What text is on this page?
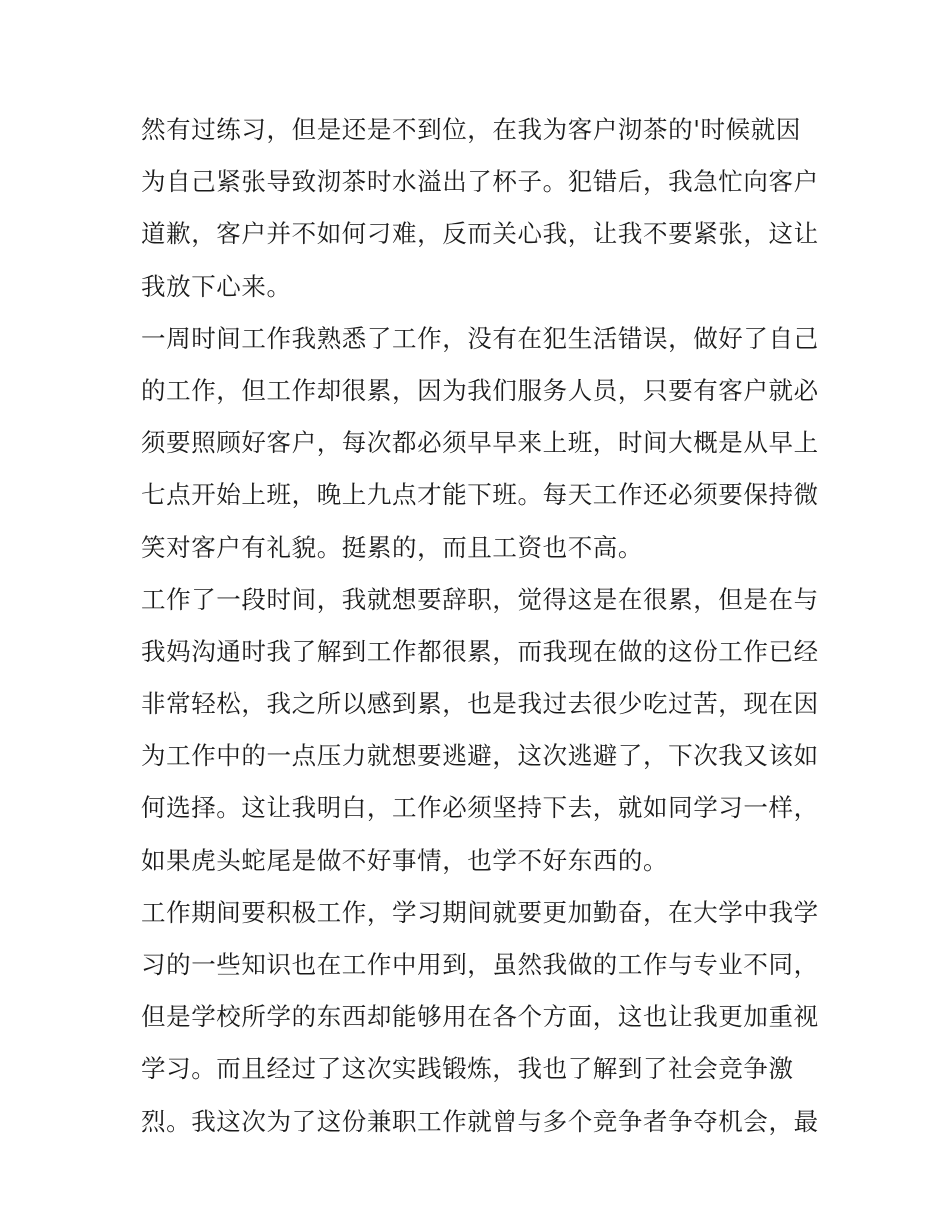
然有过练习，但是还是不到位，在我为客户沏茶的'时候就因
为自己紧张导致沏茶时水溢出了杯子。犯错后，我急忙向客户
道歉，客户并不如何刁难，反而关心我，让我不要紧张，这让
我放下心来。
一周时间工作我熟悉了工作，没有在犯生活错误，做好了自己
的工作，但工作却很累，因为我们服务人员，只要有客户就必
须要照顾好客户，每次都必须早早来上班，时间大概是从早上
七点开始上班，晚上九点才能下班。每天工作还必须要保持微
笑对客户有礼貌。挺累的，而且工资也不高。
工作了一段时间，我就想要辞职，觉得这是在很累，但是在与
我妈沟通时我了解到工作都很累，而我现在做的这份工作已经
非常轻松，我之所以感到累，也是我过去很少吃过苦，现在因
为工作中的一点压力就想要逃避，这次逃避了，下次我又该如
何选择。这让我明白，工作必须坚持下去，就如同学习一样，
如果虎头蛇尾是做不好事情，也学不好东西的。
工作期间要积极工作，学习期间就要更加勤奋，在大学中我学
习的一些知识也在工作中用到，虽然我做的工作与专业不同，
但是学校所学的东西却能够用在各个方面，这也让我更加重视
学习。而且经过了这次实践锻炼，我也了解到了社会竞争激
烈。我这次为了这份兼职工作就曾与多个竞争者争夺机会，最
